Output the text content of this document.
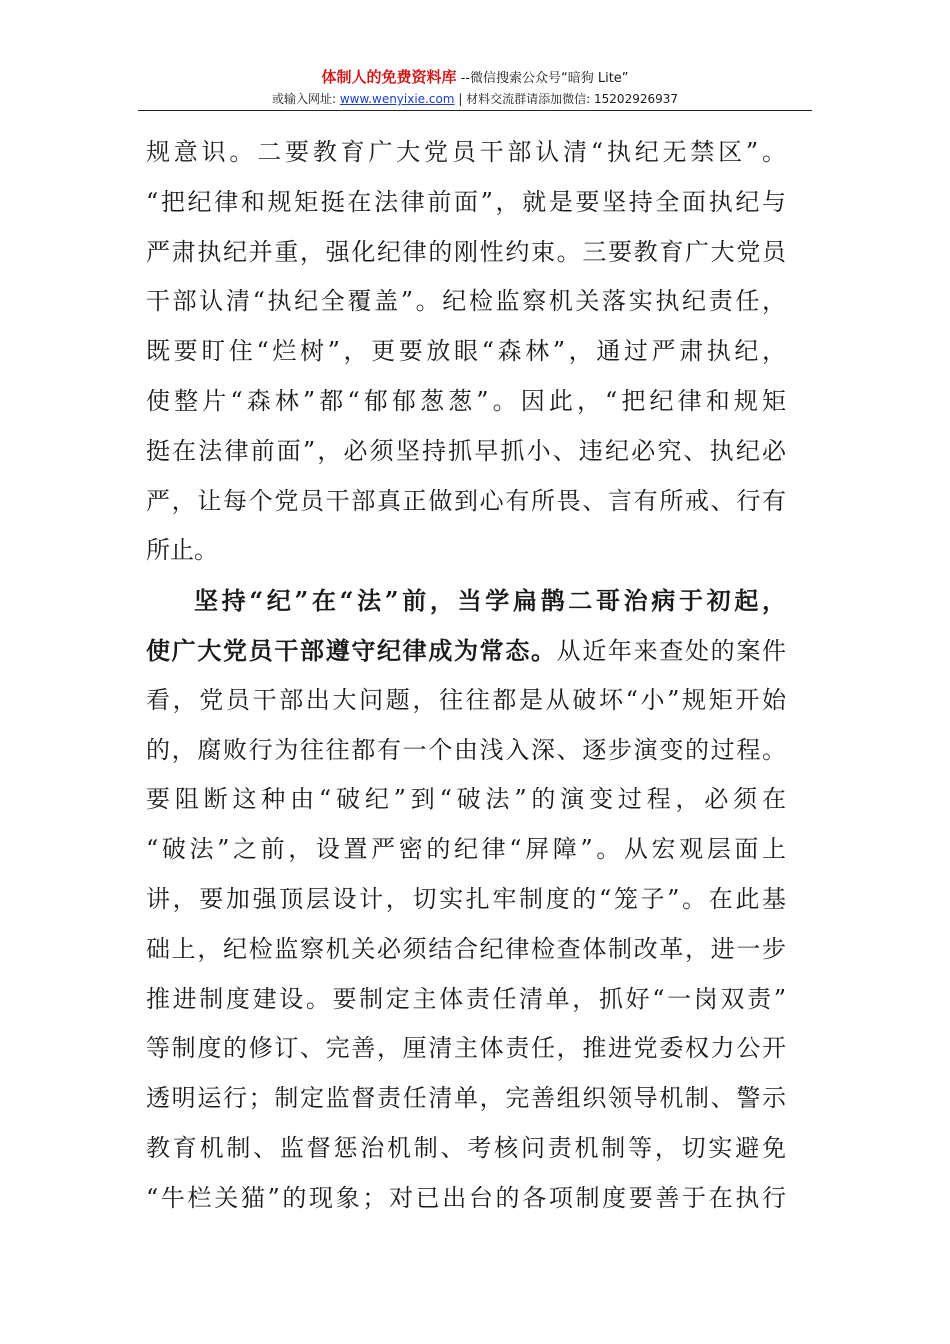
体制人的免费资料库 --微信搜索公众号“暗狗 Lite”
或输入网址: www.wenyixie.com | 材料交流群请添加微信: 15202926937
规意识。二要教育广大党员干部认清“执纪无禁区”。
“把纪律和规矩挺在法律前面”，就是要坚持全面执纪与
严肃执纪并重，强化纪律的刚性约束。三要教育广大党员
干部认清“执纪全覆盖”。纪检监察机关落实执纪责任，
既要盯住“烂树”，更要放眼“森林”，通过严肃执纪，
使整片“森林”都“郁郁葱葱”。因此，“把纪律和规矩
挺在法律前面”，必须坚持抓早抓小、违纪必究、执纪必
严，让每个党员干部真正做到心有所畏、言有所戒、行有
所止。
坚持“纪”在“法”前，当学扁鹊二哥治病于初起，
使广大党员干部遵守纪律成为常态。从近年来查处的案件
看，党员干部出大问题，往往都是从破坏“小”规矩开始
的，腐败行为往往都有一个由浅入深、逐步演变的过程。
要阻断这种由“破纪”到“破法”的演变过程，必须在
“破法”之前，设置严密的纪律“屏障”。从宏观层面上
讲，要加强顶层设计，切实扎牢制度的“笼子”。在此基
础上，纪检监察机关必须结合纪律检查体制改革，进一步
推进制度建设。要制定主体责任清单，抓好“一岗双责”
等制度的修订、完善，厘清主体责任，推进党委权力公开
透明运行；制定监督责任清单，完善组织领导机制、警示
教育机制、监督惩治机制、考核问责机制等，切实避免
“牛栏关猫”的现象；对已出台的各项制度要善于在执行
